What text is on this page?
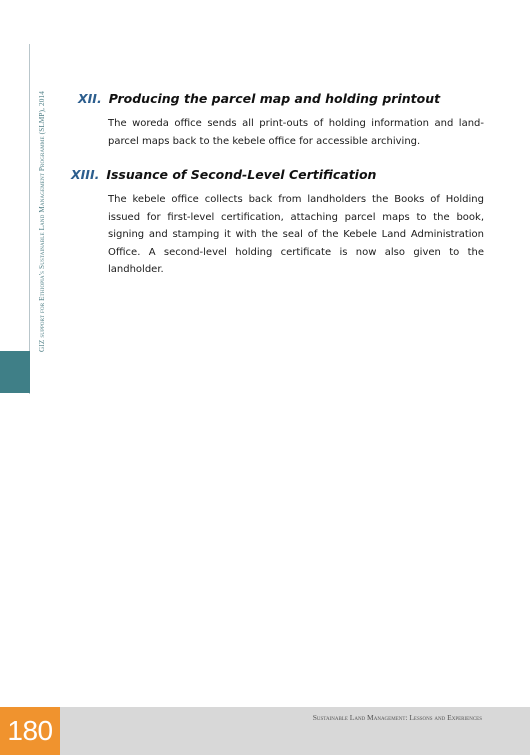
GIZ support for Ethiopia's Sustainable Land Management Programme (SLMP), 2014	XII. Producing the parcel map and holding printout
The woreda office sends all print-outs of holding information and land-parcel maps back to the kebele office for accessible archiving.
XIII. Issuance of Second-Level Certification
The kebele office collects back from landholders the Books of Holding issued for first-level certification, attaching parcel maps to the book, signing and stamping it with the seal of the Kebele Land Administration Office. A second-level holding certificate is now also given to the landholder.
180	Sustainable Land Management: Lessons and Experiences
